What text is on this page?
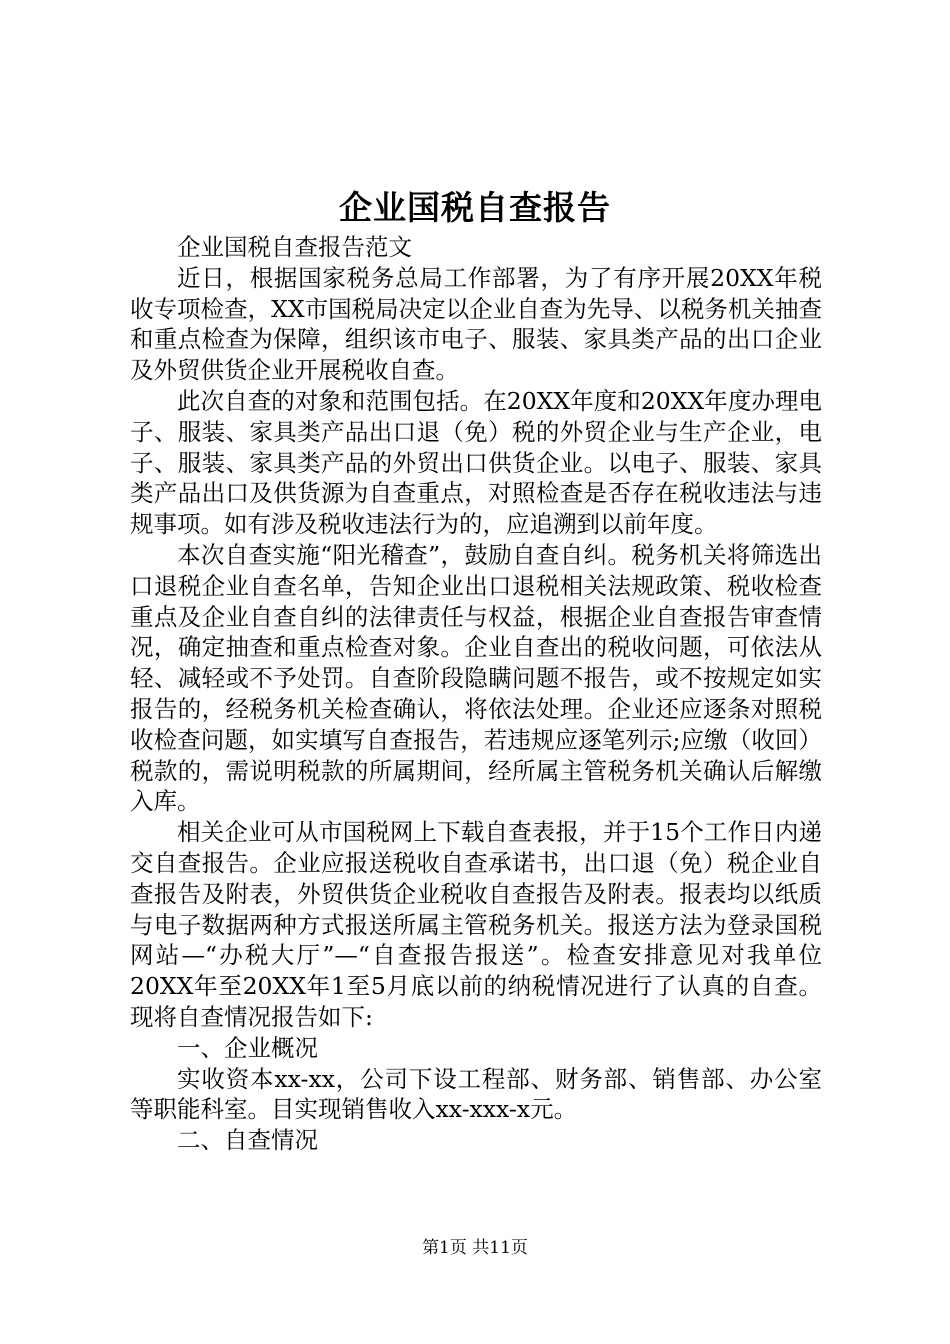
企业国税自查报告

企业国税自查报告范文

近日，根据国家税务总局工作部署，为了有序开展20XX年税收专项检查，XX市国税局决定以企业自查为先导、以税务机关抽查和重点检查为保障，组织该市电子、服装、家具类产品的出口企业及外贸供货企业开展税收自查。

此次自查的对象和范围包括。在20XX年度和20XX年度办理电子、服装、家具类产品出口退（免）税的外贸企业与生产企业，电子、服装、家具类产品的外贸出口供货企业。以电子、服装、家具类产品出口及供货源为自查重点，对照检查是否存在税收违法与违规事项。如有涉及税收违法行为的，应追溯到以前年度。

本次自查实施“阳光稽查”，鼓励自查自纠。税务机关将筛选出口退税企业自查名单，告知企业出口退税相关法规政策、税收检查重点及企业自查自纠的法律责任与权益，根据企业自查报告审查情况，确定抽查和重点检查对象。企业自查出的税收问题，可依法从轻、减轻或不予处罚。自查阶段隐瞒问题不报告，或不按规定如实报告的，经税务机关检查确认，将依法处理。企业还应逐条对照税收检查问题，如实填写自查报告，若违规应逐笔列示;应缴（收回）税款的，需说明税款的所属期间，经所属主管税务机关确认后解缴入库。

相关企业可从市国税网上下载自查表报，并于15个工作日内递交自查报告。企业应报送税收自查承诺书，出口退（免）税企业自查报告及附表，外贸供货企业税收自查报告及附表。报表均以纸质与电子数据两种方式报送所属主管税务机关。报送方法为登录国税网站—“办税大厅”—“自查报告报送”。检查安排意见对我单位20XX年至20XX年1至5月底以前的纳税情况进行了认真的自查。现将自查情况报告如下:

一、企业概况

实收资本xx-xx，公司下设工程部、财务部、销售部、办公室等职能科室。目实现销售收入xx-xxx-x元。

二、自查情况

第1页 共11页
